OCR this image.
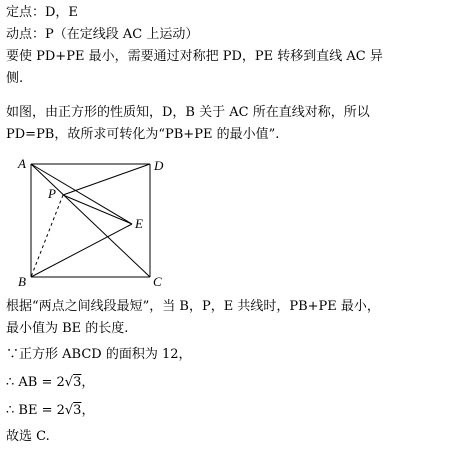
定点：D，E
动点：P（在定线段 AC 上运动）
要使 PD+PE 最小，需要通过对称把 PD，PE 转移到直线 AC 异
侧.
如图，由正方形的性质知，D，B 关于 AC 所在直线对称，所以
PD=PB，故所求可转化为“PB+PE 的最小值”.
A	D
B	C
P
E
根据“两点之间线段最短”，当 B，P，E 共线时，PB+PE 最小，
最小值为 BE 的长度.
∵正方形 ABCD 的面积为 12，
∴ AB = 2√3，
∴ BE = 2√3，
故选 C.
